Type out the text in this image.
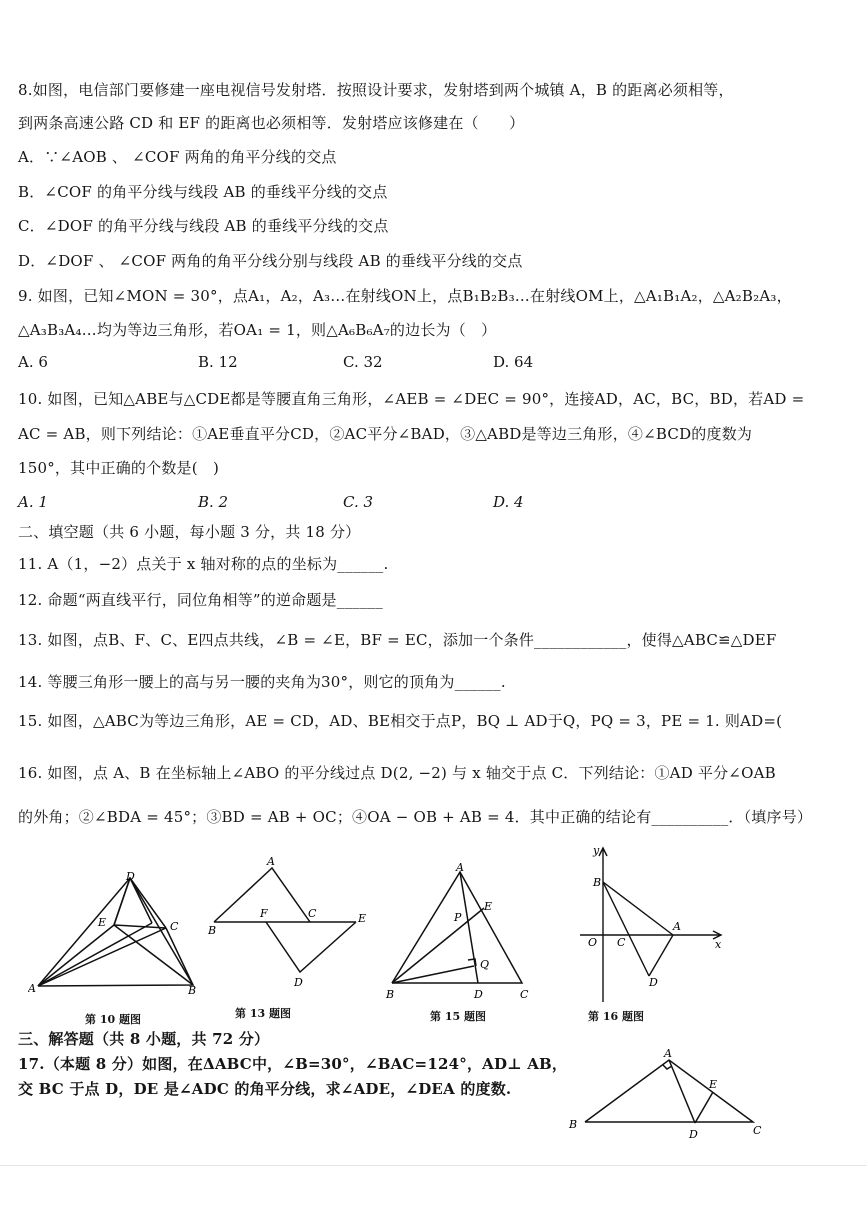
8.如图，电信部门要修建一座电视信号发射塔．按照设计要求，发射塔到两个城镇 A，B 的距离必须相等，
到两条高速公路 CD 和 EF 的距离也必须相等．发射塔应该修建在（　　）
A．∵∠AOB 、 ∠COF 两角的角平分线的交点
B．∠COF 的角平分线与线段 AB 的垂线平分线的交点
C．∠DOF 的角平分线与线段 AB 的垂线平分线的交点
D．∠DOF 、 ∠COF 两角的角平分线分别与线段 AB 的垂线平分线的交点
9. 如图，已知∠MON = 30°，点A₁，A₂，A₃…在射线ON上，点B₁B₂B₃…在射线OM上，△A₁B₁A₂，△A₂B₂A₃，
△A₃B₃A₄…均为等边三角形，若OA₁ = 1，则△A₆B₆A₇的边长为（　）
A. 6	B. 12	C. 32	D. 64
10. 如图，已知△ABE与△CDE都是等腰直角三角形，∠AEB = ∠DEC = 90°，连接AD，AC，BC，BD，若AD =
AC = AB，则下列结论：①AE垂直平分CD，②AC平分∠BAD，③△ABD是等边三角形，④∠BCD的度数为
150°，其中正确的个数是(　)
A. 1	B. 2	C. 3	D. 4
二、填空题（共 6 小题，每小题 3 分，共 18 分）
11. A（1，−2）点关于 x 轴对称的点的坐标为______.
12. 命题“两直线平行，同位角相等”的逆命题是______
13. 如图，点B、F、C、E四点共线，∠B = ∠E，BF = EC，添加一个条件____________，使得△ABC≌△DEF
14. 等腰三角形一腰上的高与另一腰的夹角为30°，则它的顶角为______.
15. 如图，△ABC为等边三角形，AE = CD，AD、BE相交于点P，BQ ⊥ AD于Q，PQ = 3，PE = 1. 则AD=(
16. 如图，点 A、B 在坐标轴上∠ABO 的平分线过点 D(2, −2) 与 x 轴交于点 C．下列结论：①AD 平分∠OAB
的外角；②∠BDA = 45°；③BD = AB + OC；④OA − OB + AB = 4．其中正确的结论有__________．（填序号）
D
E	C
A	B
第 10 题图
A
F	C	E
B
D
第 13 题图
A
E
P
Q
B	D	C
第 15 题图
y
B
O C
A
x
D
第 16 题图
三、解答题（共 8 小题，共 72 分）
17.（本题 8 分）如图，在ΔABC中，∠B=30°，∠BAC=124°，AD⊥ AB，
交 BC 于点 D，DE 是∠ADC 的角平分线，求∠ADE，∠DEA 的度数.
A
E
B
D	C
